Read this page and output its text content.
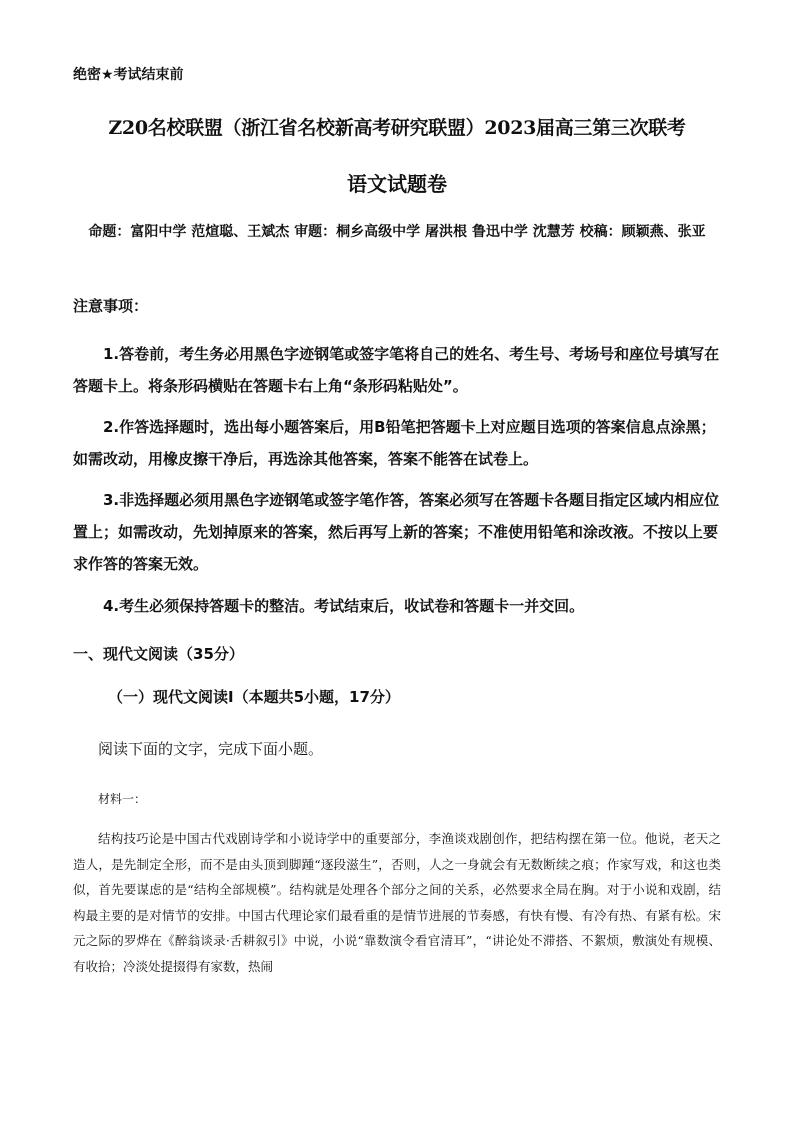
绝密★考试结束前
Z20名校联盟（浙江省名校新高考研究联盟）2023届高三第三次联考
语文试题卷
命题：富阳中学 范煊聪、王斌杰 审题：桐乡高级中学 屠洪根 鲁迅中学 沈慧芳 校稿：顾颖燕、张亚
注意事项：
1.答卷前，考生务必用黑色字迹钢笔或签字笔将自己的姓名、考生号、考场号和座位号填写在答题卡上。将条形码横贴在答题卡右上角“条形码粘贴处”。
2.作答选择题时，选出每小题答案后，用B铅笔把答题卡上对应题目选项的答案信息点涂黑；如需改动，用橡皮擦干净后，再选涂其他答案，答案不能答在试卷上。
3.非选择题必须用黑色字迹钢笔或签字笔作答，答案必须写在答题卡各题目指定区域内相应位置上；如需改动，先划掉原来的答案，然后再写上新的答案；不准使用铅笔和涂改液。不按以上要求作答的答案无效。
4.考生必须保持答题卡的整洁。考试结束后，收试卷和答题卡一并交回。
一、现代文阅读（35分）
（一）现代文阅读Ⅰ（本题共5小题，17分）
阅读下面的文字，完成下面小题。
材料一：
结构技巧论是中国古代戏剧诗学和小说诗学中的重要部分，李渔谈戏剧创作，把结构摆在第一位。他说，老天之造人，是先制定全形，而不是由头顶到脚踵“逐段滋生”，否则，人之一身就会有无数断续之痕；作家写戏，和这也类似，首先要谋虑的是“结构全部规模”。结构就是处理各个部分之间的关系，必然要求全局在胸。对于小说和戏剧，结构最主要的是对情节的安排。中国古代理论家们最看重的是情节进展的节奏感，有快有慢、有冷有热、有紧有松。宋元之际的罗烨在《醉翁谈录·舌耕叙引》中说，小说“靠数演令看官清耳”，“讲论处不滞搭、不絮烦，敷演处有规模、有收拾；冷淡处提掇得有家数，热闹
